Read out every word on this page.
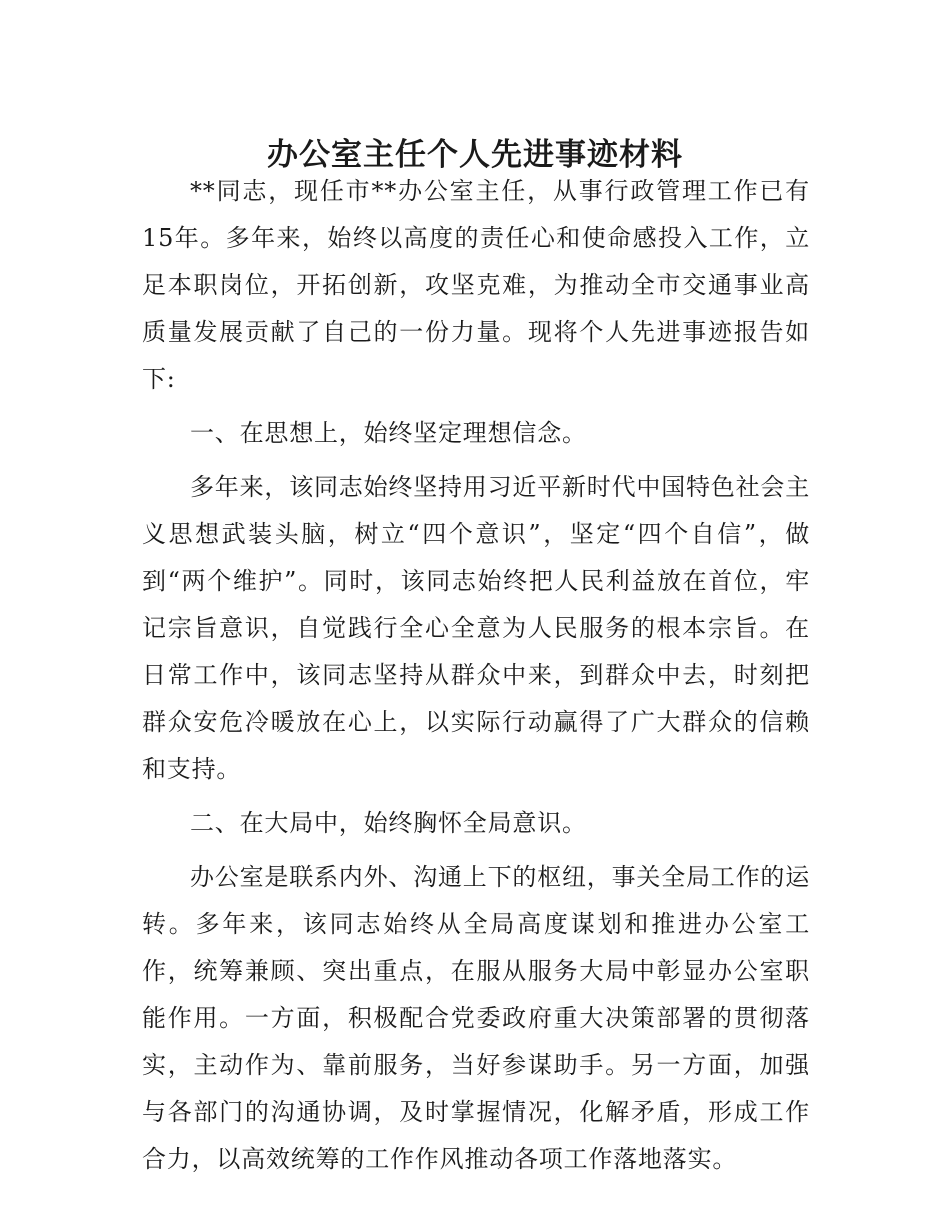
办公室主任个人先进事迹材料

**同志，现任市**办公室主任，从事行政管理工作已有15年。多年来，始终以高度的责任心和使命感投入工作，立足本职岗位，开拓创新，攻坚克难，为推动全市交通事业高质量发展贡献了自己的一份力量。现将个人先进事迹报告如下:

一、在思想上，始终坚定理想信念。

多年来，该同志始终坚持用习近平新时代中国特色社会主义思想武装头脑，树立“四个意识”，坚定“四个自信”，做到“两个维护”。同时，该同志始终把人民利益放在首位，牢记宗旨意识，自觉践行全心全意为人民服务的根本宗旨。在日常工作中，该同志坚持从群众中来，到群众中去，时刻把群众安危冷暖放在心上，以实际行动赢得了广大群众的信赖和支持。

二、在大局中，始终胸怀全局意识。

办公室是联系内外、沟通上下的枢纽，事关全局工作的运转。多年来，该同志始终从全局高度谋划和推进办公室工作，统筹兼顾、突出重点，在服从服务大局中彰显办公室职能作用。一方面，积极配合党委政府重大决策部署的贯彻落实，主动作为、靠前服务，当好参谋助手。另一方面，加强与各部门的沟通协调，及时掌握情况，化解矛盾，形成工作合力，以高效统筹的工作作风推动各项工作落地落实。
